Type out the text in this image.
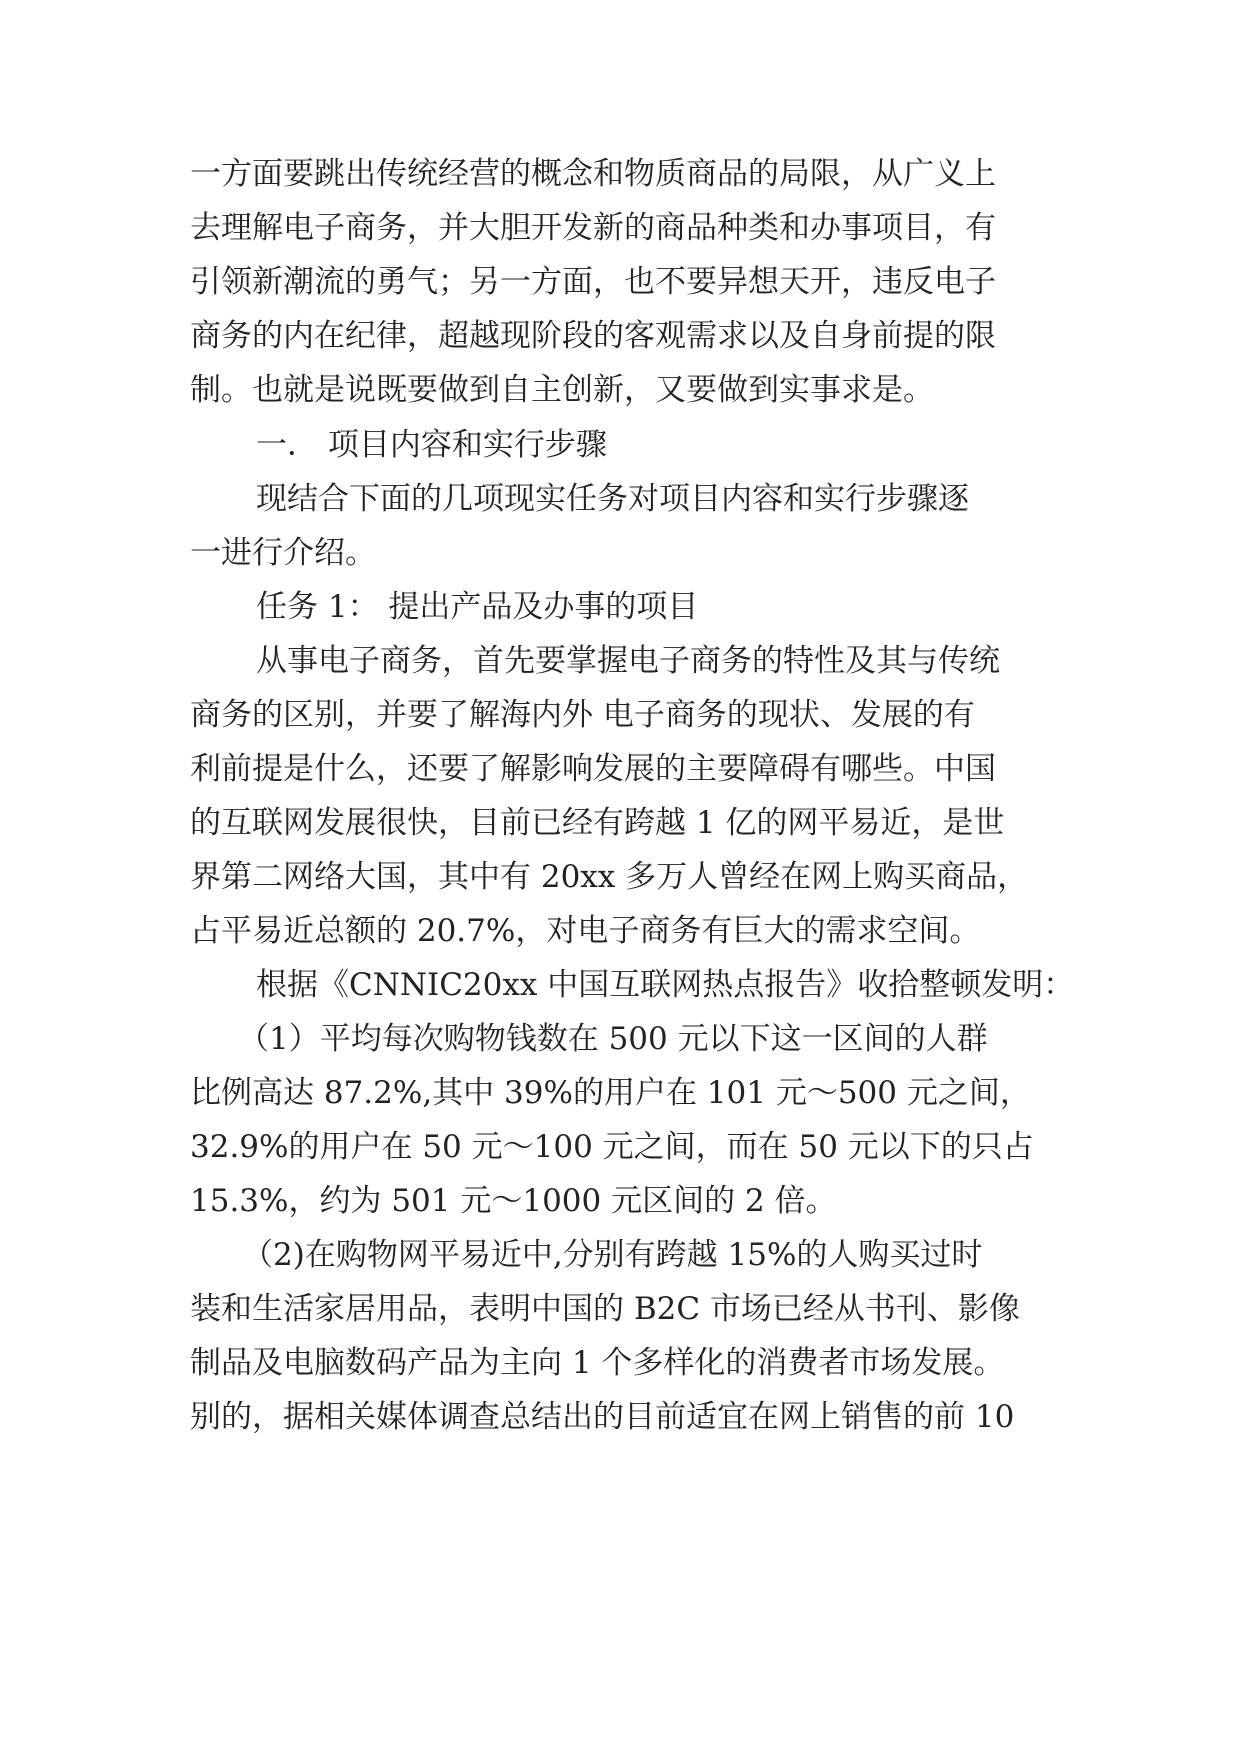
一方面要跳出传统经营的概念和物质商品的局限，从广义上
去理解电子商务，并大胆开发新的商品种类和办事项目，有
引领新潮流的勇气；另一方面，也不要异想天开，违反电子
商务的内在纪律，超越现阶段的客观需求以及自身前提的限
制。也就是说既要做到自主创新，又要做到实事求是。
一． 项目内容和实行步骤
现结合下面的几项现实任务对项目内容和实行步骤逐
一进行介绍。
任务 1： 提出产品及办事的项目
从事电子商务，首先要掌握电子商务的特性及其与传统
商务的区别，并要了解海内外 电子商务的现状、发展的有
利前提是什么，还要了解影响发展的主要障碍有哪些。中国
的互联网发展很快，目前已经有跨越 1 亿的网平易近，是世
界第二网络大国，其中有 20xx 多万人曾经在网上购买商品，
占平易近总额的 20.7%，对电子商务有巨大的需求空间。
根据《CNNIC20xx 中国互联网热点报告》收拾整顿发明：
（1）平均每次购物钱数在 500 元以下这一区间的人群
比例高达 87.2%,其中 39%的用户在 101 元～500 元之间，
32.9%的用户在 50 元～100 元之间，而在 50 元以下的只占
15.3%，约为 501 元～1000 元区间的 2 倍。
（2)在购物网平易近中,分别有跨越 15%的人购买过时
装和生活家居用品，表明中国的 B2C 市场已经从书刊、影像
制品及电脑数码产品为主向 1 个多样化的消费者市场发展。
别的，据相关媒体调查总结出的目前适宜在网上销售的前 10
